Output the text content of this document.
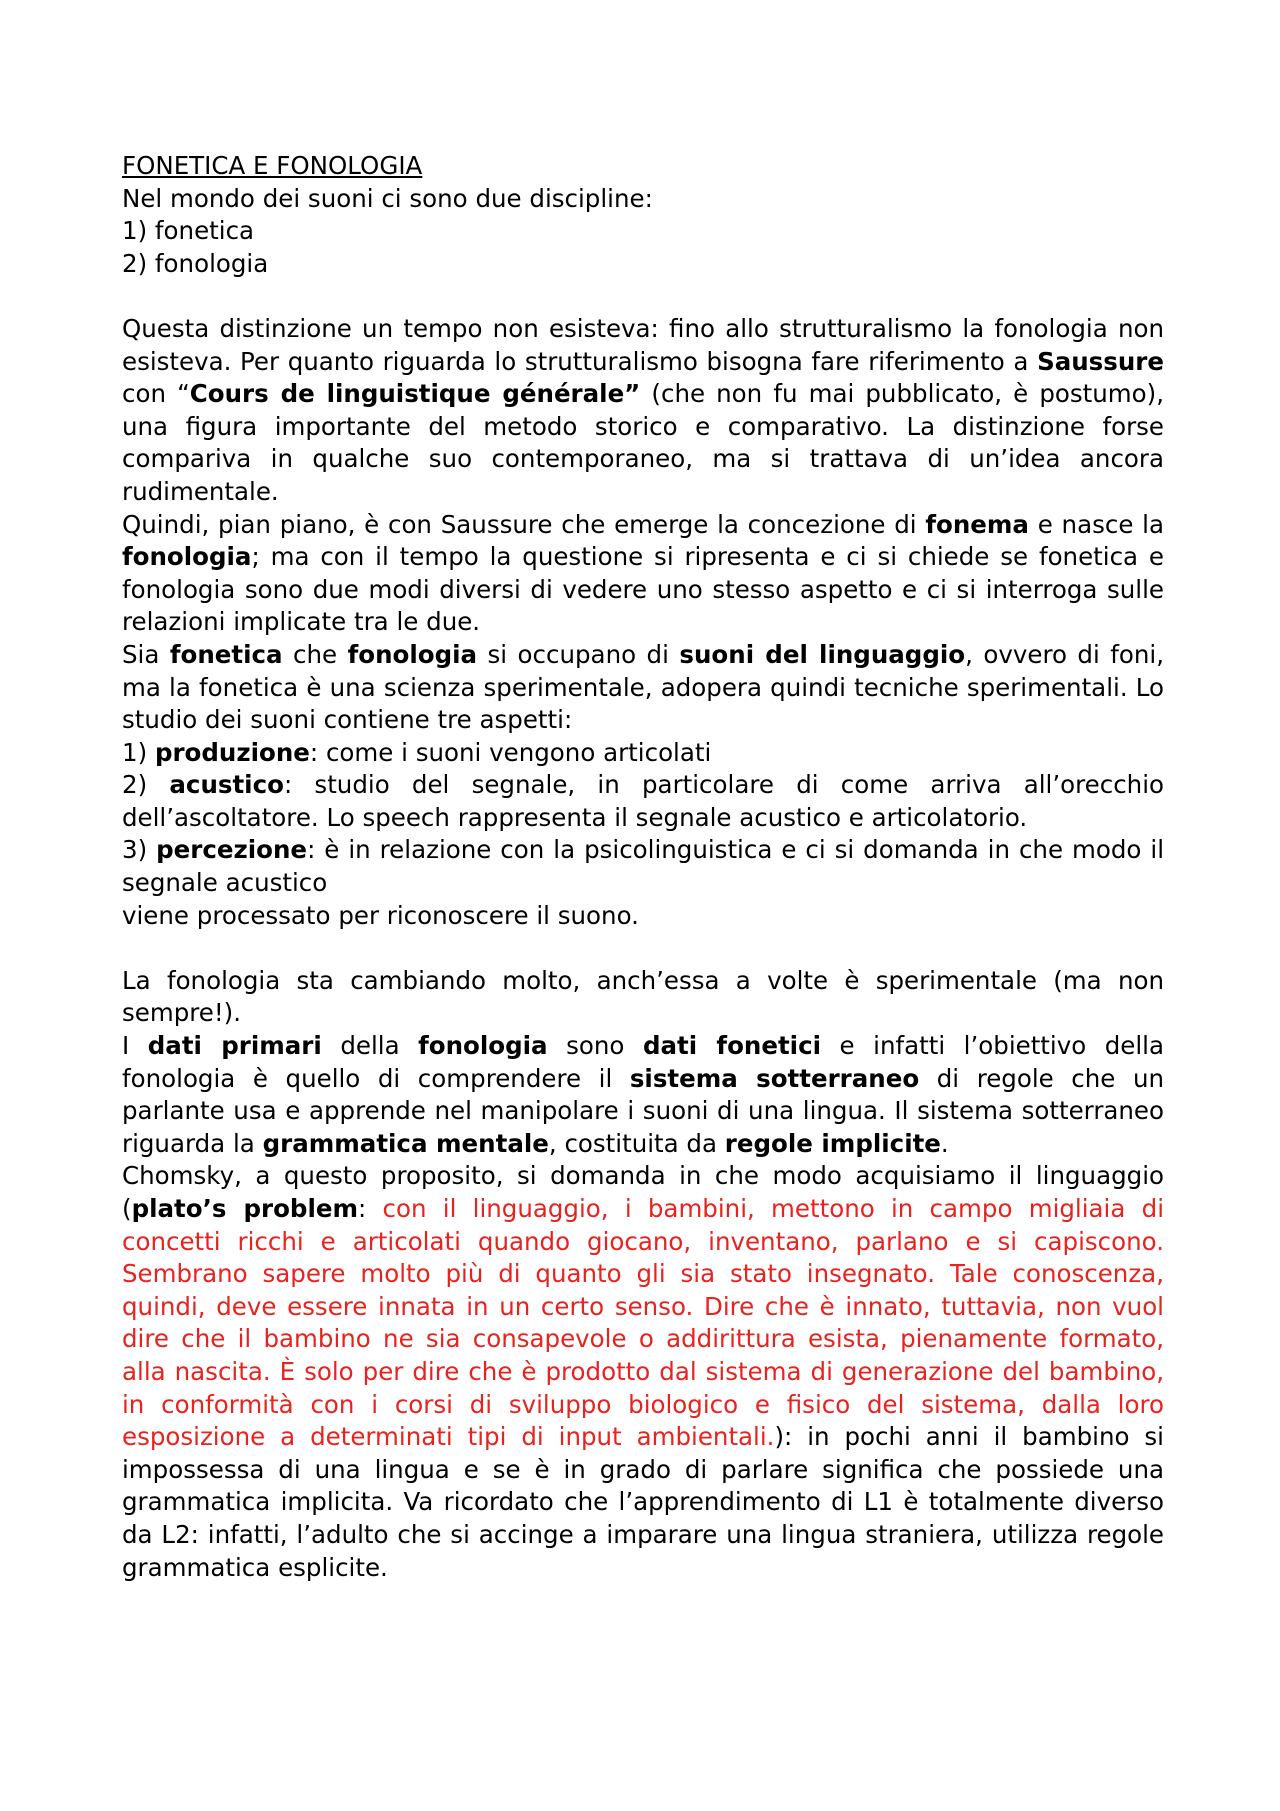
FONETICA E FONOLOGIA

Nel mondo dei suoni ci sono due discipline:

1) fonetica

2) fonologia

Questa distinzione un tempo non esisteva: fino allo strutturalismo la fonologia non esisteva. Per quanto riguarda lo strutturalismo bisogna fare riferimento a Saussure con “Cours de linguistique générale” (che non fu mai pubblicato, è postumo), una figura importante del metodo storico e comparativo. La distinzione forse compariva in qualche suo contemporaneo, ma si trattava di un’idea ancora rudimentale.

Quindi, pian piano, è con Saussure che emerge la concezione di fonema e nasce la fonologia; ma con il tempo la questione si ripresenta e ci si chiede se fonetica e fonologia sono due modi diversi di vedere uno stesso aspetto e ci si interroga sulle relazioni implicate tra le due.

Sia fonetica che fonologia si occupano di suoni del linguaggio, ovvero di foni, ma la fonetica è una scienza sperimentale, adopera quindi tecniche sperimentali. Lo studio dei suoni contiene tre aspetti:

1) produzione: come i suoni vengono articolati

2) acustico: studio del segnale, in particolare di come arriva all’orecchio dell’ascoltatore. Lo speech rappresenta il segnale acustico e articolatorio.

3) percezione: è in relazione con la psicolinguistica e ci si domanda in che modo il segnale acustico

viene processato per riconoscere il suono.

La fonologia sta cambiando molto, anch’essa a volte è sperimentale (ma non sempre!).

I dati primari della fonologia sono dati fonetici e infatti l’obiettivo della fonologia è quello di comprendere il sistema sotterraneo di regole che un parlante usa e apprende nel manipolare i suoni di una lingua. Il sistema sotterraneo riguarda la grammatica mentale, costituita da regole implicite.

Chomsky, a questo proposito, si domanda in che modo acquisiamo il linguaggio (plato’s problem: con il linguaggio, i bambini, mettono in campo migliaia di concetti ricchi e articolati quando giocano, inventano, parlano e si capiscono. Sembrano sapere molto più di quanto gli sia stato insegnato. Tale conoscenza, quindi, deve essere innata in un certo senso. Dire che è innato, tuttavia, non vuol dire che il bambino ne sia consapevole o addirittura esista, pienamente formato, alla nascita. È solo per dire che è prodotto dal sistema di generazione del bambino, in conformità con i corsi di sviluppo biologico e fisico del sistema, dalla loro esposizione a determinati tipi di input ambientali.): in pochi anni il bambino si impossessa di una lingua e se è in grado di parlare significa che possiede una grammatica implicita. Va ricordato che l’apprendimento di L1 è totalmente diverso da L2: infatti, l’adulto che si accinge a imparare una lingua straniera, utilizza regole grammatica esplicite.
